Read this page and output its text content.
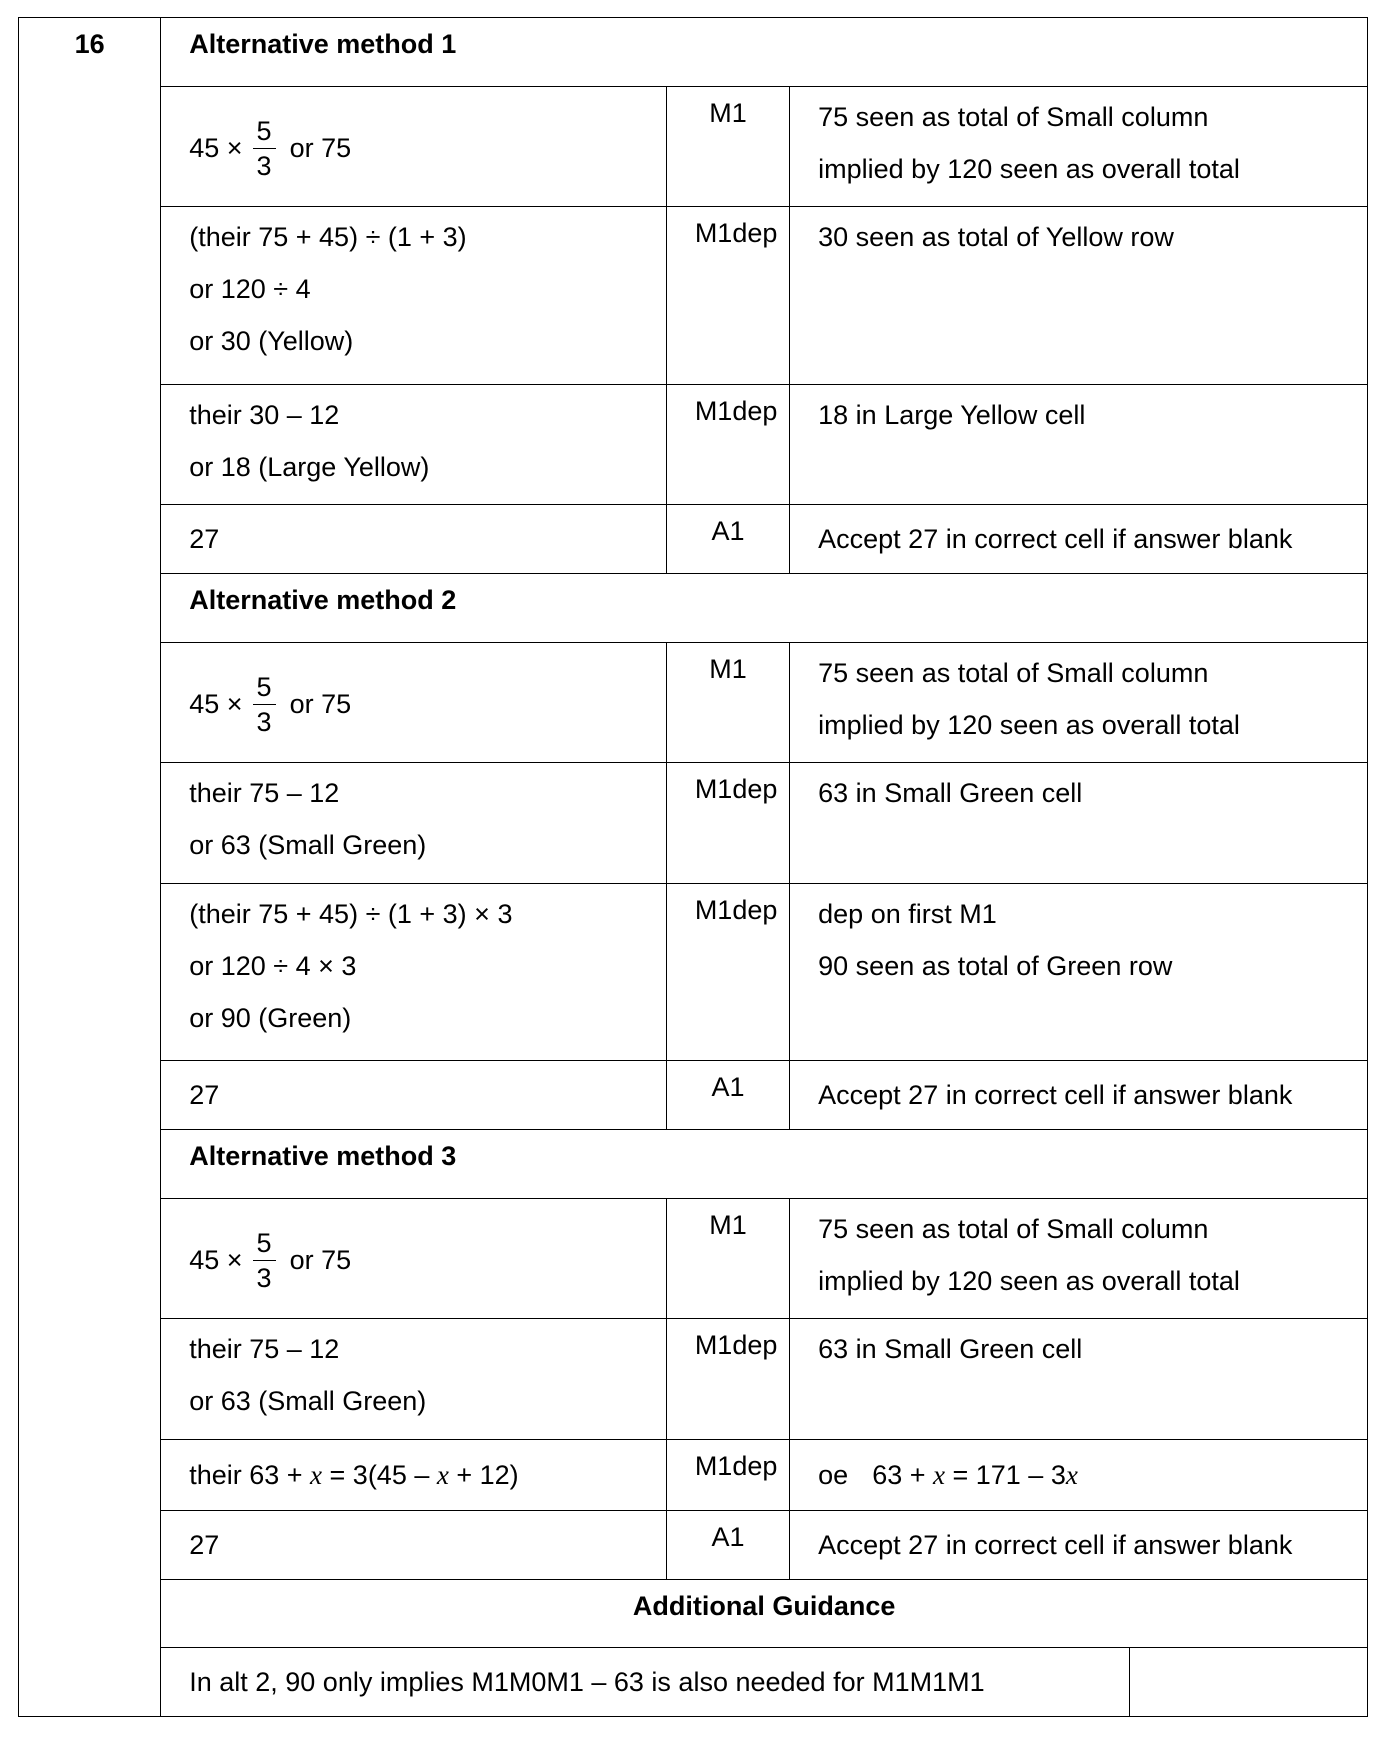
16	Alternative method 1			

	$45 \times \frac{5}{3}$ or 75	M1	75 seen as total of Small column
implied by 120 seen as overall total	

	(their 75 + 45) ÷ (1 + 3)
or 120 ÷ 4
or 30 (Yellow)	M1dep	30 seen as total of Yellow row	

	their 30 – 12
or 18 (Large Yellow)	M1dep	18 in Large Yellow cell	

	27	A1	Accept 27 in correct cell if answer blank	

	Alternative method 2			

	$45 \times \frac{5}{3}$ or 75	M1	75 seen as total of Small column
implied by 120 seen as overall total	

	their 75 – 12
or 63 (Small Green)	M1dep	63 in Small Green cell	

	(their 75 + 45) ÷ (1 + 3) × 3
or 120 ÷ 4 × 3
or 90 (Green)	M1dep	dep on first M1
90 seen as total of Green row	

	27	A1	Accept 27 in correct cell if answer blank	

	Alternative method 3			

	$45 \times \frac{5}{3}$ or 75	M1	75 seen as total of Small column
implied by 120 seen as overall total	

	their 75 – 12
or 63 (Small Green)	M1dep	63 in Small Green cell	

	their 63 + x = 3(45 – x + 12)	M1dep	oe 63 + x = 171 – 3x	

	27	A1	Accept 27 in correct cell if answer blank	

	Additional Guidance			
	In alt 2, 90 only implies M1M0M1 – 63 is also needed for M1M1M1			
